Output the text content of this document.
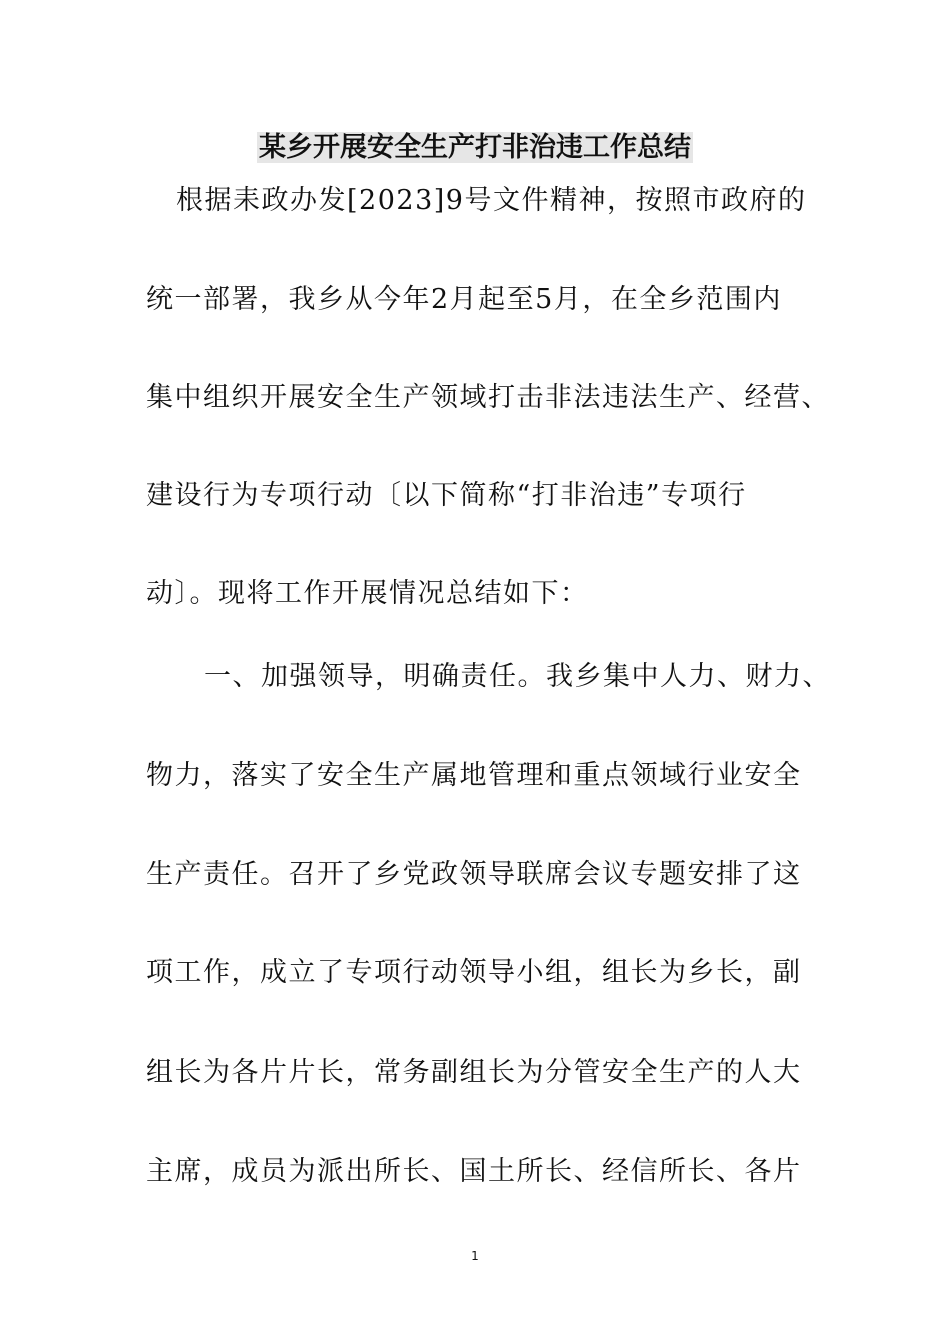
某乡开展安全生产打非治违工作总结
根据耒政办发[2023]9号文件精神，按照市政府的
统一部署，我乡从今年2月起至5月，在全乡范围内
集中组织开展安全生产领域打击非法违法生产、经营、
建设行为专项行动〔以下简称“打非治违”专项行
动〕。现将工作开展情况总结如下：
一、加强领导，明确责任。我乡集中人力、财力、
物力，落实了安全生产属地管理和重点领域行业安全
生产责任。召开了乡党政领导联席会议专题安排了这
项工作，成立了专项行动领导小组，组长为乡长，副
组长为各片片长，常务副组长为分管安全生产的人大
主席，成员为派出所长、国土所长、经信所长、各片
1
